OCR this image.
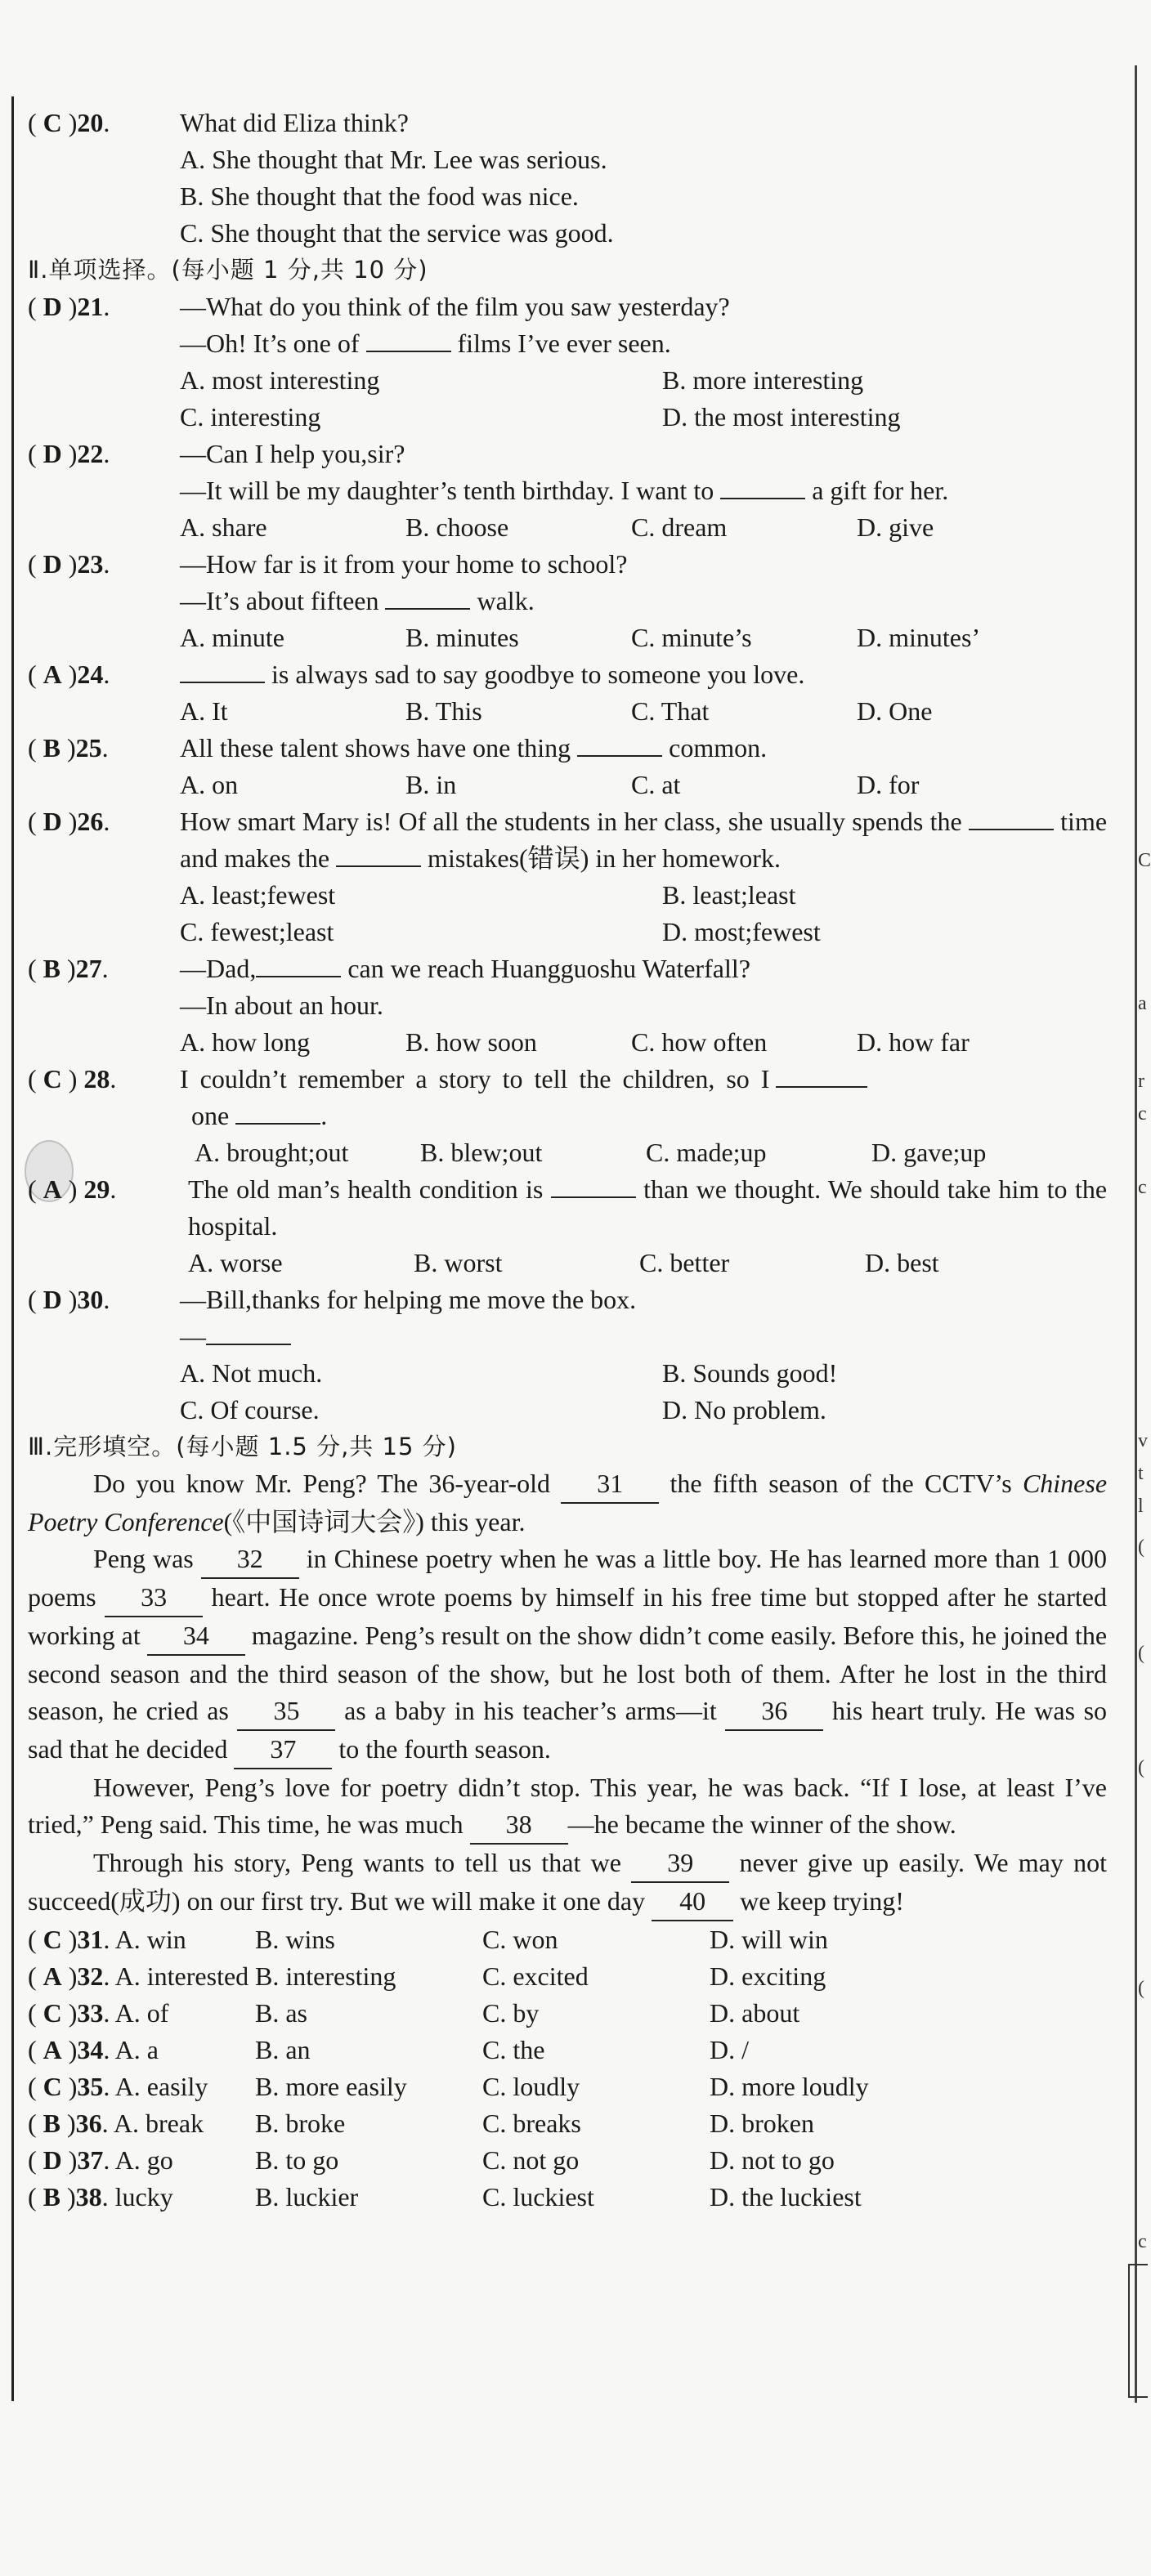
C
a
r
c
c
v
t
l
(
(
(
(
c
( C )20.	What did Eliza think?
A. She thought that Mr. Lee was serious.
B. She thought that the food was nice.
C. She thought that the service was good.
Ⅱ.单项选择。(每小题 1 分,共 10 分)
( D )21.	—What do you think of the film you saw yesterday?
—Oh! It’s one of	films I’ve ever seen.
A. most interesting	B. more interesting
C. interesting	D. the most interesting
( D )22.	—Can I help you,sir?
—It will be my daughter’s tenth birthday. I want to	a gift for her.
A. share	B. choose	C. dream	D. give
( D )23.	—How far is it from your home to school?
—It’s about fifteen	walk.
A. minute	B. minutes	C. minute’s	D. minutes’
( A )24.
	is always sad to say goodbye to someone you love.
A. It	B. This	C. That	D. One
( B )25.	All these talent shows have one thing

	common.
A. on	B. in	C. at	D. for
( D )26.	How smart Mary is! Of all the students in her class, she usually spends the	time and makes the	mistakes(错误) in her homework.
A. least;fewest	B. least;least
C. fewest;least	D. most;fewest
( B )27.	—Dad,
	can we reach Huangguoshu Waterfall?
—In about an hour.
A. how long	B. how soon	C. how often	D. how far
( C ) 28.	I couldn’t remember a story to tell the children, so I

one	.
A. brought;out	B. blew;out	C. made;up	D. gave;up
( A ) 29.	The old man’s health condition is	than we thought. We should take him to the hospital.
A. worse	B. worst	C. better	D. best
( D )30.	—Bill,thanks for helping me move the box.
—
A. Not much.	B. Sounds good!
C. Of course.	D. No problem.
Ⅲ.完形填空。(每小题 1.5 分,共 15 分)
Do you know Mr. Peng? The 36-year-old 31 the fifth season of the CCTV’s Chinese Poetry Conference(《中国诗词大会》) this year.
Peng was 32 in Chinese poetry when he was a little boy. He has learned more than 1 000 poems 33 heart. He once wrote poems by himself in his free time but stopped after he started working at 34 magazine. Peng’s result on the show didn’t come easily. Before this, he joined the second season and the third season of the show, but he lost both of them. After he lost in the third season, he cried as 35 as a baby in his teacher’s arms—it 36 his heart truly. He was so sad that he decided 37 to the fourth season.
However, Peng’s love for poetry didn’t stop. This year, he was back. “If I lose, at least I’ve tried,” Peng said. This time, he was much 38 —he became the winner of the show.
Through his story, Peng wants to tell us that we 39 never give up easily. We may not succeed(成功) on our first try. But we will make it one day 40 we keep trying!
( C )31. A. win	B. wins	C. won	D. will win
( A )32. A. interested B. interesting	C. excited	D. exciting
( C )33. A. of	B. as	C. by	D. about
( A )34. A. a	B. an	C. the	D. /
( C )35. A. easily B. more easily	C. loudly	D. more loudly
( B )36. A. break B. broke	C. breaks	D. broken
( D )37. A. go	B. to go	C. not go	D. not to go
( B )38. lucky	B. luckier	C. luckiest	D. the luckiest
